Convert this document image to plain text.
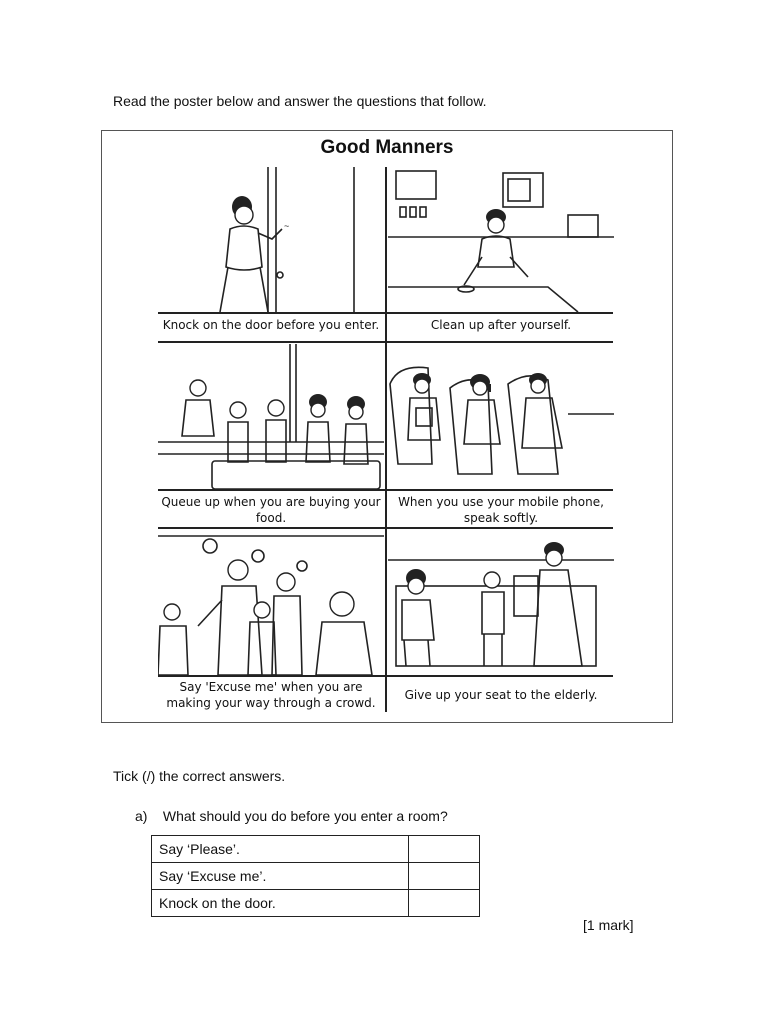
Read the poster below and answer the questions that follow.
Good Manners
~
Knock on the door before you enter.	Clean up after yourself.
Queue up when you are buying your food.
When you use your mobile phone, speak softly.
Say 'Excuse me' when you are making your way through a crowd.
Give up your seat to the elderly.
Tick (/) the correct answers.
a) What should you do before you enter a room?
Say ‘Please’.	
Say ‘Excuse me’.	
Knock on the door.	
[1 mark]
